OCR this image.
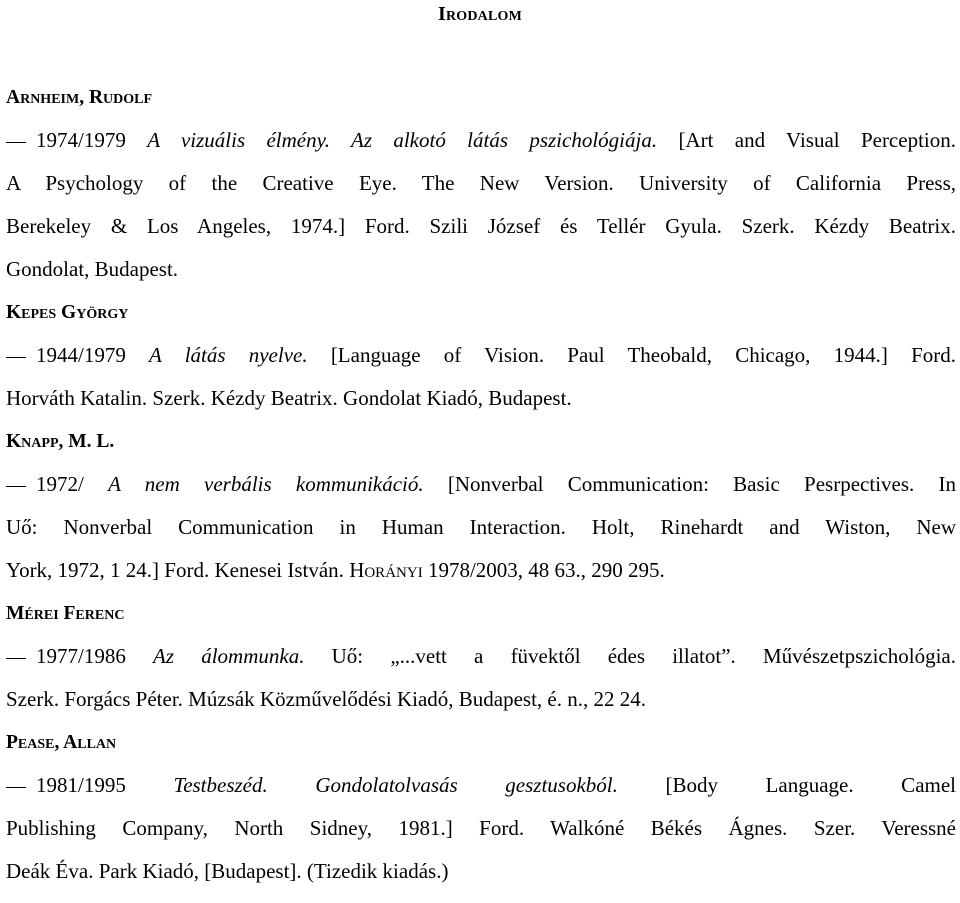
Irodalom
Arnheim, Rudolf
1974/1979 A vizuális élmény. Az alkotó látás pszichológiája. [Art and Visual Perception.
A Psychology of the Creative Eye. The New Version. University of California Press,
Berekeley & Los Angeles, 1974.] Ford. Szili József és Tellér Gyula. Szerk. Kézdy Beatrix.
Gondolat, Budapest.
Kepes György
1944/1979 A látás nyelve. [Language of Vision. Paul Theobald, Chicago, 1944.] Ford.
Horváth Katalin. Szerk. Kézdy Beatrix. Gondolat Kiadó, Budapest.
Knapp, M. L.
1972/ A nem verbális kommunikáció. [Nonverbal Communication: Basic Pesrpectives. In
Uő: Nonverbal Communication in Human Interaction. Holt, Rinehardt and Wiston, New
York, 1972, 1 24.] Ford. Kenesei István. Horányi 1978/2003, 48 63., 290 295.
Mérei Ferenc
1977/1986 Az álommunka. Uő: „...vett a füvektől édes illatot”. Művészetpszichológia.
Szerk. Forgács Péter. Múzsák Közművelődési Kiadó, Budapest, é. n., 22 24.
Pease, Allan
1981/1995 Testbeszéd. Gondolatolvasás gesztusokból. [Body Language. Camel
Publishing Company, North Sidney, 1981.] Ford. Walkóné Békés Ágnes. Szer. Veressné
Deák Éva. Park Kiadó, [Budapest]. (Tizedik kiadás.)
